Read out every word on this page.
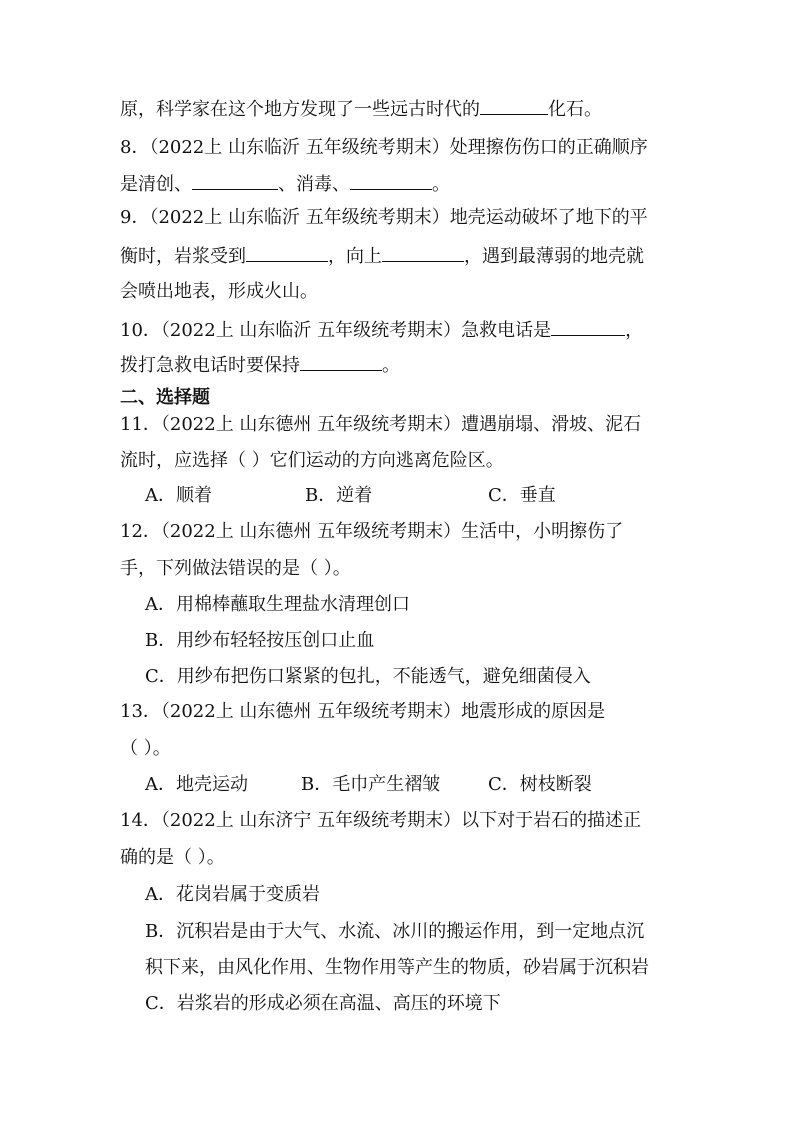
原，科学家在这个地方发现了一些远古时代的	化石。
8．（2022上 山东临沂 五年级统考期末）处理擦伤伤口的正确顺序
是清创、	、消毒、	。
9．（2022上 山东临沂 五年级统考期末）地壳运动破坏了地下的平
衡时，岩浆受到	，向上	，遇到最薄弱的地壳就
会喷出地表，形成火山。
10．（2022上 山东临沂 五年级统考期末）急救电话是	，
拨打急救电话时要保持	。
二、选择题
11．（2022上 山东德州 五年级统考期末）遭遇崩塌、滑坡、泥石
流时，应选择（ ）它们运动的方向逃离危险区。
A．顺着	B．逆着	C．垂直
12．（2022上 山东德州 五年级统考期末）生活中，小明擦伤了
手，下列做法错误的是（ ）。
A．用棉棒蘸取生理盐水清理创口
B．用纱布轻轻按压创口止血
C．用纱布把伤口紧紧的包扎，不能透气，避免细菌侵入
13．（2022上 山东德州 五年级统考期末）地震形成的原因是
（ ）。
A．地壳运动	B．毛巾产生褶皱	C．树枝断裂
14．（2022上 山东济宁 五年级统考期末）以下对于岩石的描述正
确的是（ ）。
A．花岗岩属于变质岩
B．沉积岩是由于大气、水流、冰川的搬运作用，到一定地点沉
积下来，由风化作用、生物作用等产生的物质，砂岩属于沉积岩
C．岩浆岩的形成必须在高温、高压的环境下
